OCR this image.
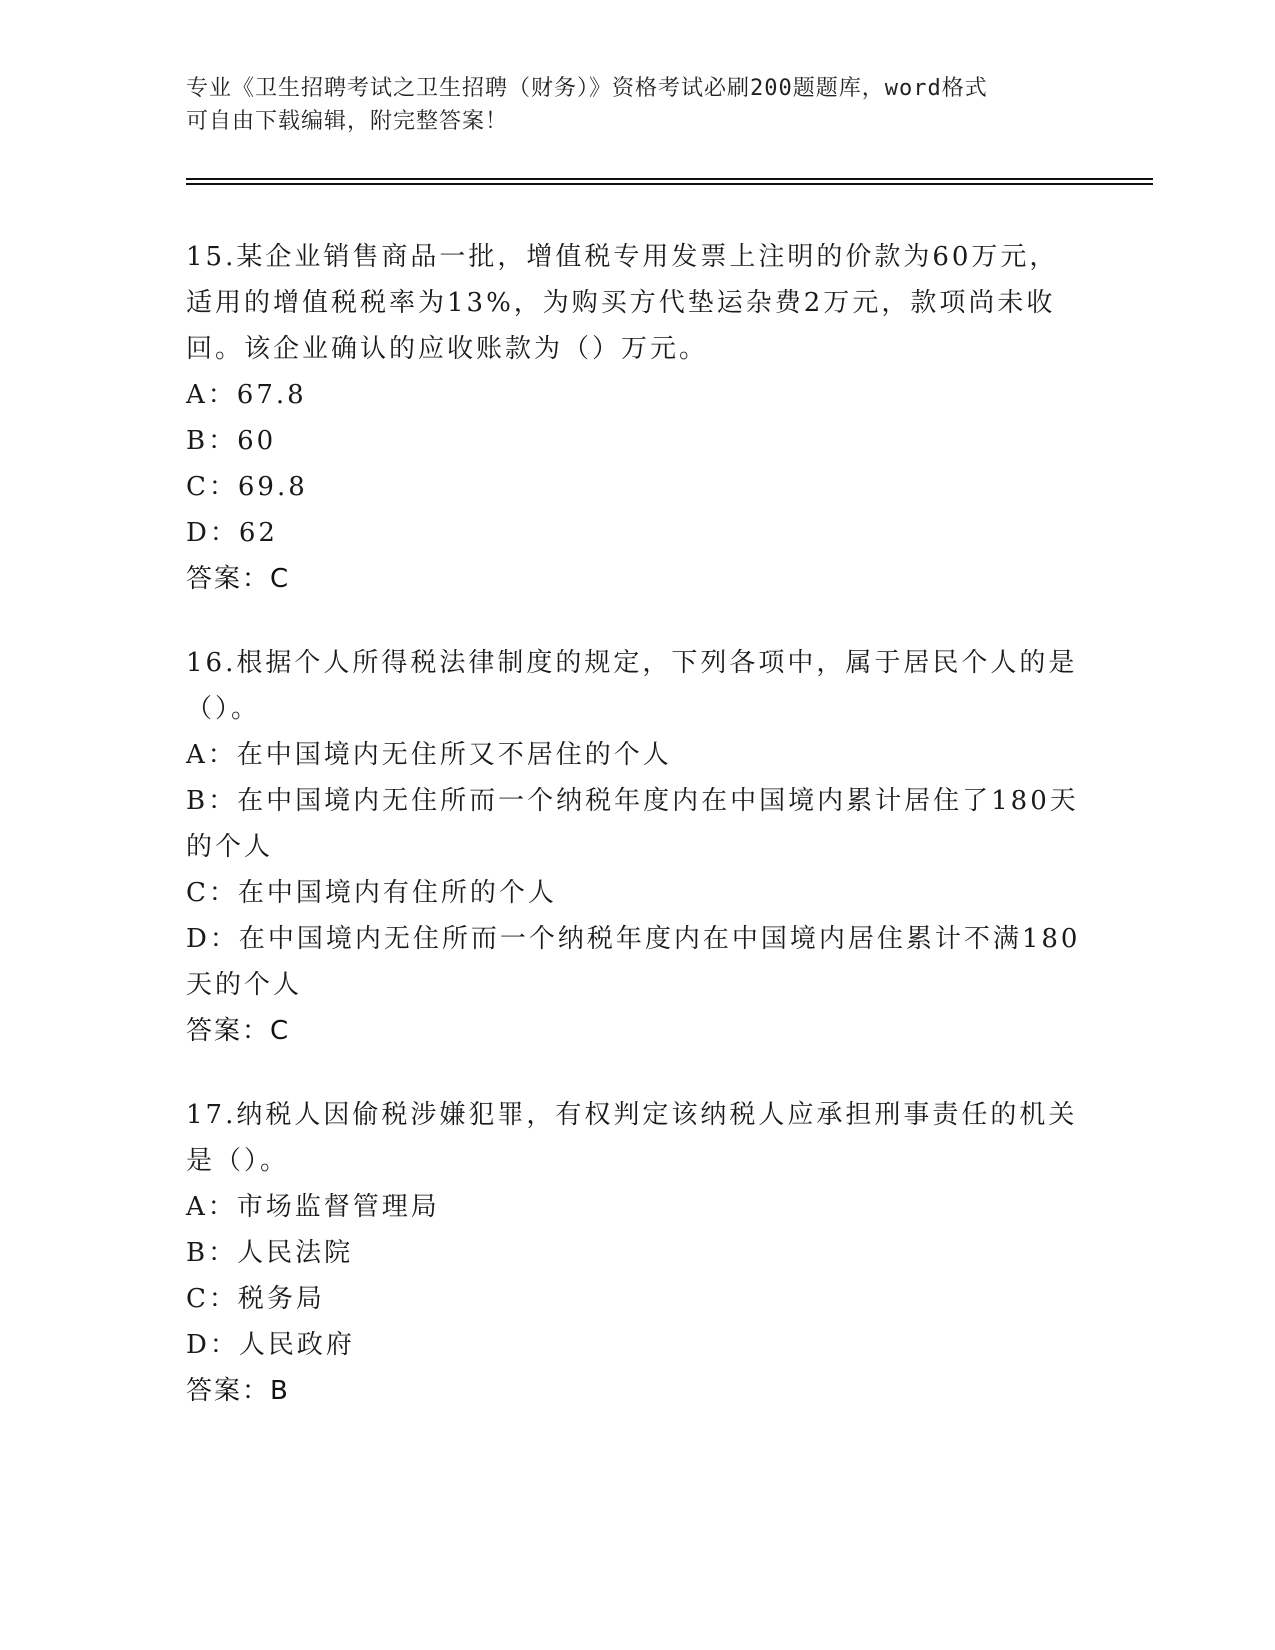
专业《卫生招聘考试之卫生招聘（财务）》资格考试必刷200题题库，word格式
可自由下载编辑，附完整答案！

15.某企业销售商品一批，增值税专用发票上注明的价款为60万元，适用的增值税税率为13%，为购买方代垫运杂费2万元，款项尚未收回。该企业确认的应收账款为（）万元。

A：67.8

B：60

C：69.8

D：62

答案：C

16.根据个人所得税法律制度的规定，下列各项中，属于居民个人的是（）。

A：在中国境内无住所又不居住的个人

B：在中国境内无住所而一个纳税年度内在中国境内累计居住了180天的个人

C：在中国境内有住所的个人

D：在中国境内无住所而一个纳税年度内在中国境内居住累计不满180天的个人

答案：C

17.纳税人因偷税涉嫌犯罪，有权判定该纳税人应承担刑事责任的机关是（）。

A：市场监督管理局

B：人民法院

C：税务局

D：人民政府

答案：B
